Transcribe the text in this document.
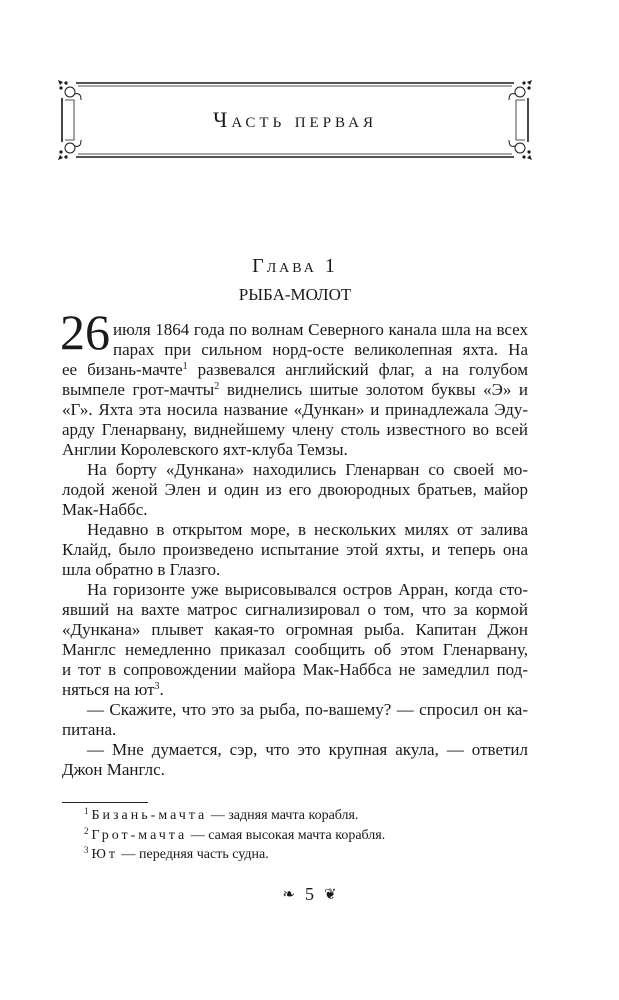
Часть первая
Глава 1
РЫБА-МОЛОТ
26 июля 1864 года по волнам Северного канала шла на всех
парах при сильном норд-осте великолепная яхта. На
ее бизань-мачте$^1$ развевался английский флаг, а на голубом
вымпеле грот-мачты$^2$ виднелись шитые золотом буквы «Э» и
«Г». Яхта эта носила название «Дункан» и принадлежала Эду-
арду Гленарвану, виднейшему члену столь известного во всей
Англии Королевского яхт-клуба Темзы.
На борту «Дункана» находились Гленарван со своей мо-
лодой женой Элен и один из его двоюродных братьев, майор
Мак-Наббс.
Недавно в открытом море, в нескольких милях от залива
Клайд, было произведено испытание этой яхты, и теперь она
шла обратно в Глазго.
На горизонте уже вырисовывался остров Арран, когда сто-
явший на вахте матрос сигнализировал о том, что за кормой
«Дункана» плывет какая-то огромная рыба. Капитан Джон
Манглс немедленно приказал сообщить об этом Гленарвану,
и тот в сопровождении майора Мак-Наббса не замедлил под-
няться на $ют^3$.
— Скажите, что это за рыба, по-вашему? — спросил он ка-
питана.
— Мне думается, сэр, что это крупная акула, — ответил
Джон Манглс.
$^1$ Бизань-мачта — задняя мачта корабля.
$^2$ Грот-мачта — самая высокая мачта корабля.
$^3$ Ют — передняя часть судна.
❧ 5 ❦
